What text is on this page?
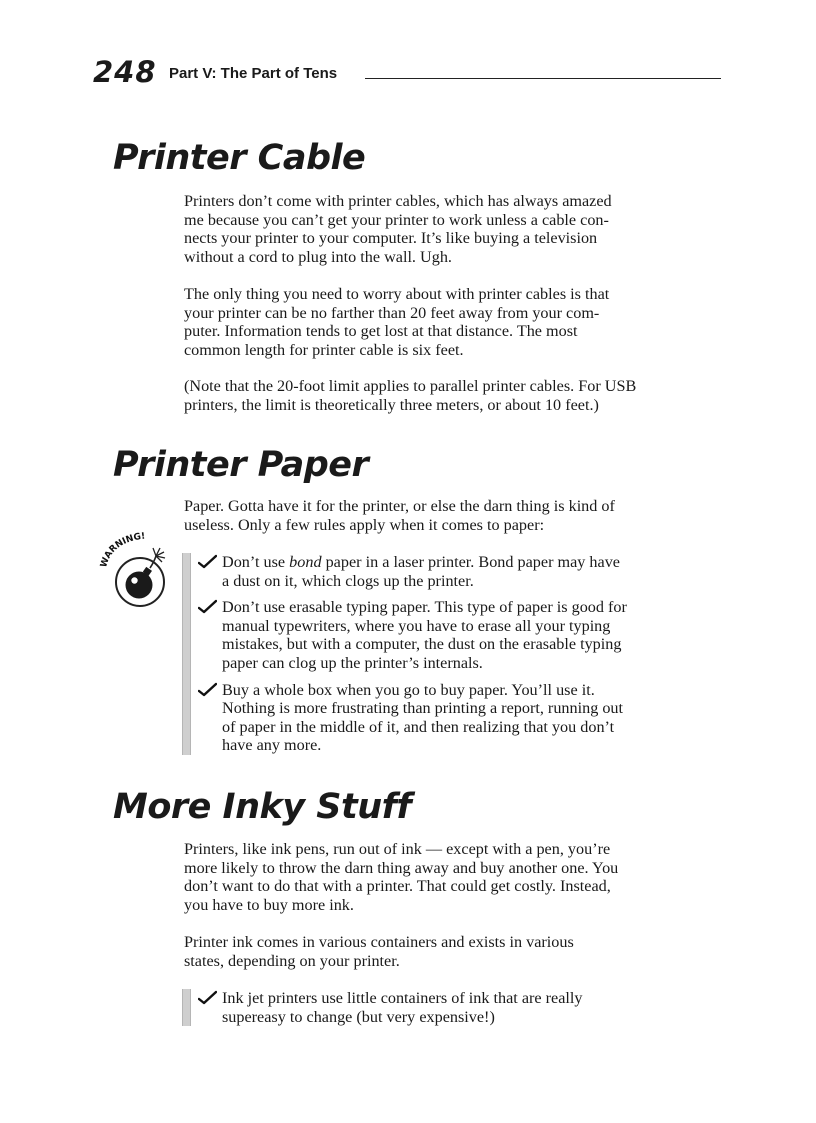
248 Part V: The Part of Tens
Printer Cable

Printers don’t come with printer cables, which has always amazed
me because you can’t get your printer to work unless a cable con-
nects your printer to your computer. It’s like buying a television
without a cord to plug into the wall. Ugh.

The only thing you need to worry about with printer cables is that
your printer can be no farther than 20 feet away from your com-
puter. Information tends to get lost at that distance. The most
common length for printer cable is six feet.

(Note that the 20-foot limit applies to parallel printer cables. For USB
printers, the limit is theoretically three meters, or about 10 feet.)

Printer Paper

Paper. Gotta have it for the printer, or else the darn thing is kind of
useless. Only a few rules apply when it comes to paper:

WARNING!
Don’t use bond paper in a laser printer. Bond paper may have
a dust on it, which clogs up the printer.
Don’t use erasable typing paper. This type of paper is good for
manual typewriters, where you have to erase all your typing
mistakes, but with a computer, the dust on the erasable typing
paper can clog up the printer’s internals.
Buy a whole box when you go to buy paper. You’ll use it.
Nothing is more frustrating than printing a report, running out
of paper in the middle of it, and then realizing that you don’t
have any more.
More Inky Stuff

Printers, like ink pens, run out of ink — except with a pen, you’re
more likely to throw the darn thing away and buy another one. You
don’t want to do that with a printer. That could get costly. Instead,
you have to buy more ink.

Printer ink comes in various containers and exists in various
states, depending on your printer.

Ink jet printers use little containers of ink that are really
supereasy to change (but very expensive!)
